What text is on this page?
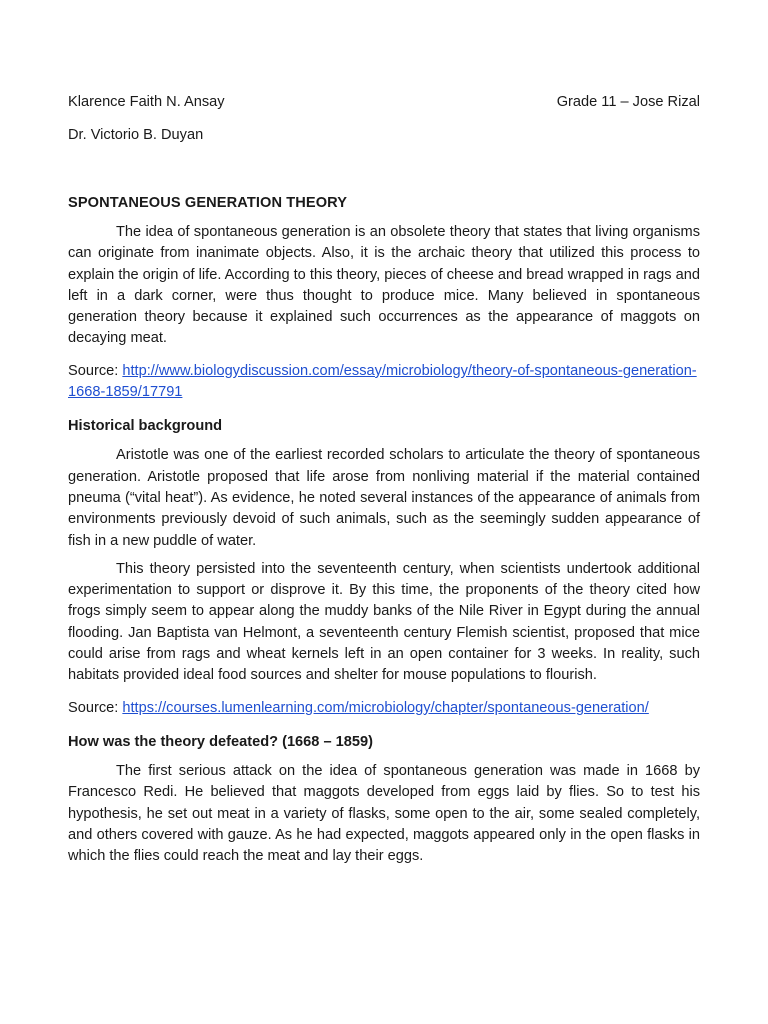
Klarence Faith N. Ansay	Grade 11 – Jose Rizal
Dr. Victorio B. Duyan
SPONTANEOUS GENERATION THEORY

The idea of spontaneous generation is an obsolete theory that states that living organisms can originate from inanimate objects. Also, it is the archaic theory that utilized this process to explain the origin of life. According to this theory, pieces of cheese and bread wrapped in rags and left in a dark corner, were thus thought to produce mice. Many believed in spontaneous generation theory because it explained such occurrences as the appearance of maggots on decaying meat.

Source: http://www.biologydiscussion.com/essay/microbiology/theory-of-spontaneous-generation-1668-1859/17791

Historical background

Aristotle was one of the earliest recorded scholars to articulate the theory of spontaneous generation. Aristotle proposed that life arose from nonliving material if the material contained pneuma (“vital heat”). As evidence, he noted several instances of the appearance of animals from environments previously devoid of such animals, such as the seemingly sudden appearance of fish in a new puddle of water.

This theory persisted into the seventeenth century, when scientists undertook additional experimentation to support or disprove it. By this time, the proponents of the theory cited how frogs simply seem to appear along the muddy banks of the Nile River in Egypt during the annual flooding. Jan Baptista van Helmont, a seventeenth century Flemish scientist, proposed that mice could arise from rags and wheat kernels left in an open container for 3 weeks. In reality, such habitats provided ideal food sources and shelter for mouse populations to flourish.

Source: https://courses.lumenlearning.com/microbiology/chapter/spontaneous-generation/

How was the theory defeated? (1668 – 1859)

The first serious attack on the idea of spontaneous generation was made in 1668 by Francesco Redi. He believed that maggots developed from eggs laid by flies. So to test his hypothesis, he set out meat in a variety of flasks, some open to the air, some sealed completely, and others covered with gauze. As he had expected, maggots appeared only in the open flasks in which the flies could reach the meat and lay their eggs.
